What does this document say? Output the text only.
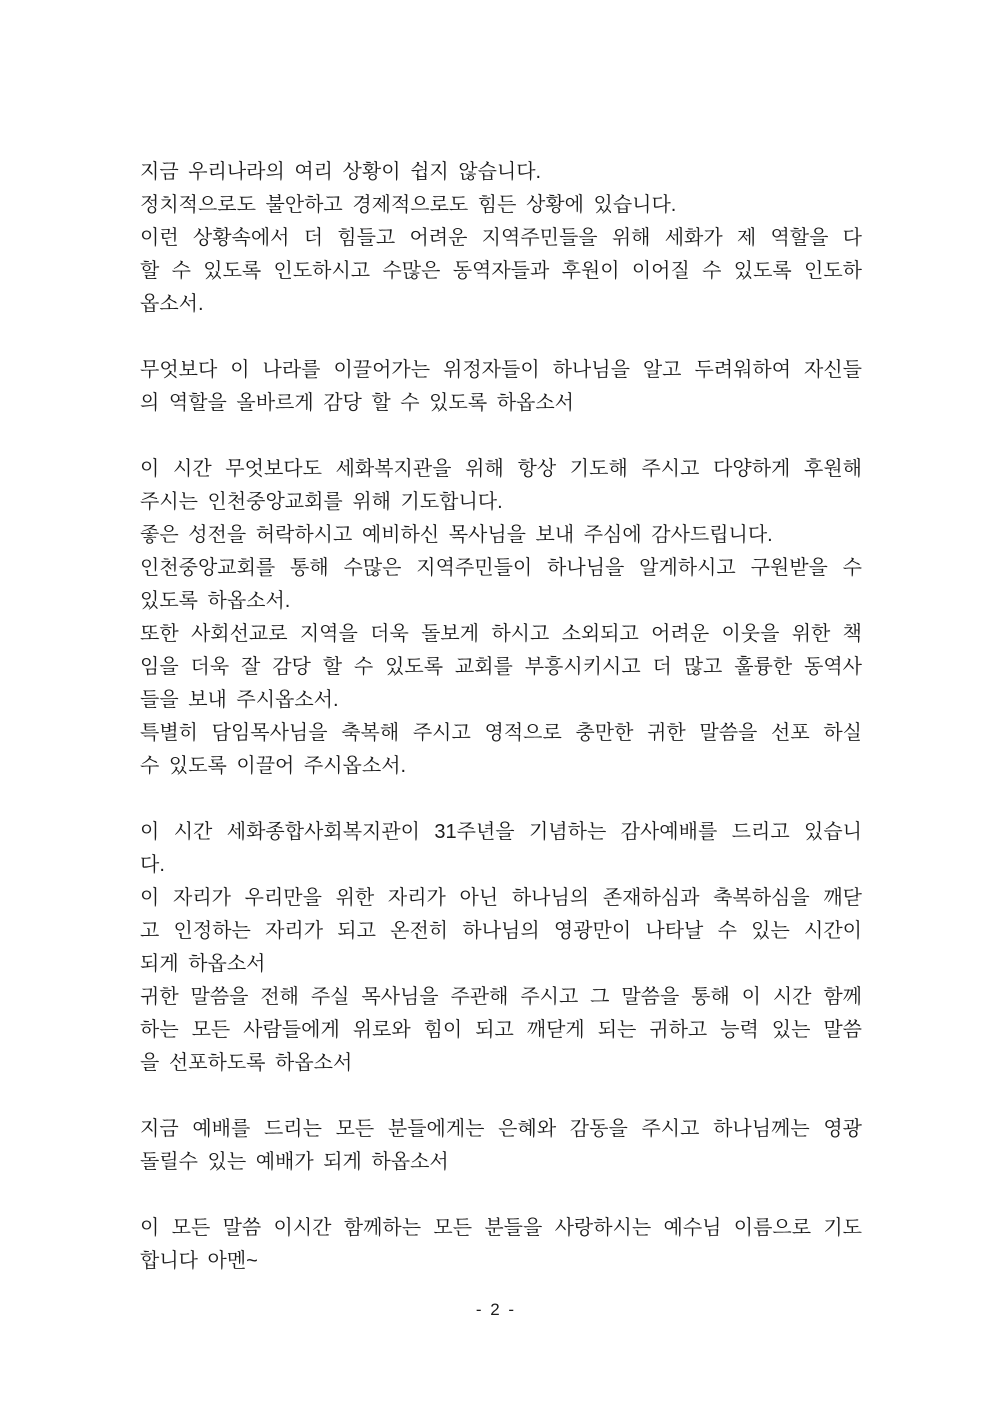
지금 우리나라의 여리 상황이 쉽지 않습니다.
정치적으로도 불안하고 경제적으로도 힘든 상황에 있습니다.
이런 상황속에서 더 힘들고 어려운 지역주민들을 위해 세화가 제 역할을 다
할 수 있도록 인도하시고 수많은 동역자들과 후원이 이어질 수 있도록 인도하
옵소서.
무엇보다 이 나라를 이끌어가는 위정자들이 하나님을 알고 두려워하여 자신들
의 역할을 올바르게 감당 할 수 있도록 하옵소서
이 시간 무엇보다도 세화복지관을 위해 항상 기도해 주시고 다양하게 후원해
주시는 인천중앙교회를 위해 기도합니다.
좋은 성전을 허락하시고 예비하신 목사님을 보내 주심에 감사드립니다.
인천중앙교회를 통해 수많은 지역주민들이 하나님을 알게하시고 구원받을 수
있도록 하옵소서.
또한 사회선교로 지역을 더욱 돌보게 하시고 소외되고 어려운 이웃을 위한 책
임을 더욱 잘 감당 할 수 있도록 교회를 부흥시키시고 더 많고 훌륭한 동역사
들을 보내 주시옵소서.
특별히 담임목사님을 축복해 주시고 영적으로 충만한 귀한 말씀을 선포 하실
수 있도록 이끌어 주시옵소서.
이 시간 세화종합사회복지관이 31주년을 기념하는 감사예배를 드리고 있습니
다.
이 자리가 우리만을 위한 자리가 아닌 하나님의 존재하심과 축복하심을 깨닫
고 인정하는 자리가 되고 온전히 하나님의 영광만이 나타날 수 있는 시간이
되게 하옵소서
귀한 말씀을 전해 주실 목사님을 주관해 주시고 그 말씀을 통해 이 시간 함께
하는 모든 사람들에게 위로와 힘이 되고 깨닫게 되는 귀하고 능력 있는 말씀
을 선포하도록 하옵소서
지금 예배를 드리는 모든 분들에게는 은혜와 감동을 주시고 하나님께는 영광
돌릴수 있는 예배가 되게 하옵소서
이 모든 말씀 이시간 함께하는 모든 분들을 사랑하시는 예수님 이름으로 기도
합니다 아멘~
- 2 -
